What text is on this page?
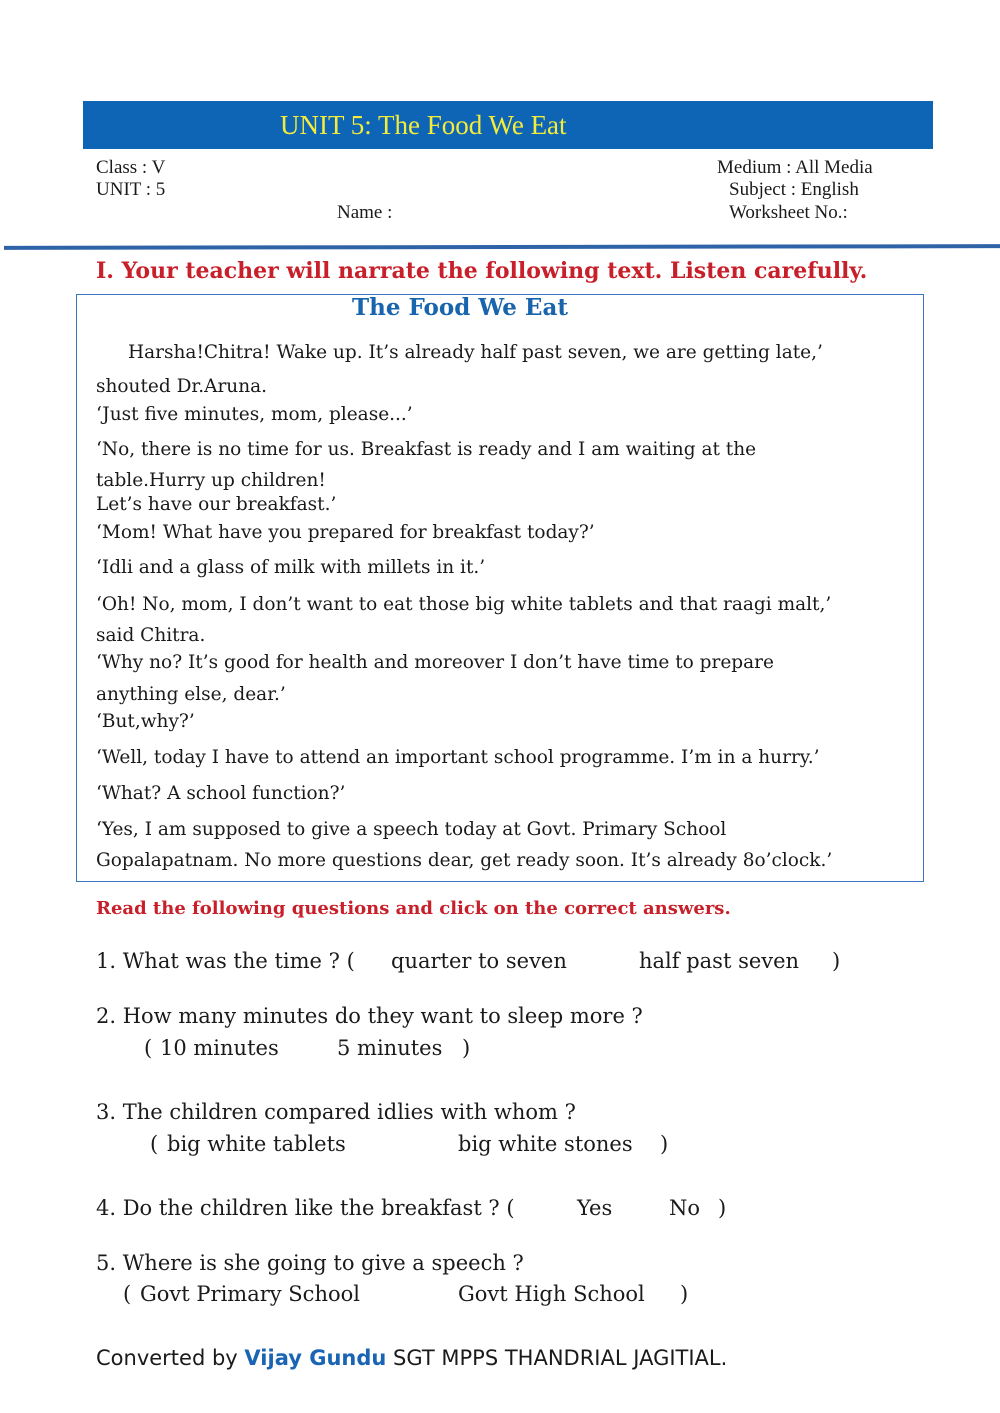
UNIT 5: The Food We Eat
Class : V
UNIT : 5
Name :
Medium : All Media
Subject : English
Worksheet No.:
I. Your teacher will narrate the following text. Listen carefully.
The Food We Eat
Harsha!Chitra! Wake up. It’s already half past seven, we are getting late,’
shouted Dr.Aruna.
‘Just five minutes, mom, please...’
‘No, there is no time for us. Breakfast is ready and I am waiting at the
table.Hurry up children!
Let’s have our breakfast.’
‘Mom! What have you prepared for breakfast today?’
‘Idli and a glass of milk with millets in it.’
‘Oh! No, mom, I don’t want to eat those big white tablets and that raagi malt,’
said Chitra.
‘Why no? It’s good for health and moreover I don’t have time to prepare
anything else, dear.’
‘But,why?’
‘Well, today I have to attend an important school programme. I’m in a hurry.’
‘What? A school function?’
‘Yes, I am supposed to give a speech today at Govt. Primary School
Gopalapatnam. No more questions dear, get ready soon. It’s already 8o’clock.’
Read the following questions and click on the correct answers.
1. What was the time ? ( quarter to seven	half past seven )
2. How many minutes do they want to sleep more ?
( 10 minutes	5 minutes )
3. The children compared idlies with whom ?
( big white tablets	big white stones )
4. Do the children like the breakfast ? (	Yes	No )
5. Where is she going to give a speech ?
( Govt Primary School	Govt High School )
Converted by Vijay Gundu SGT MPPS THANDRIAL JAGITIAL.
